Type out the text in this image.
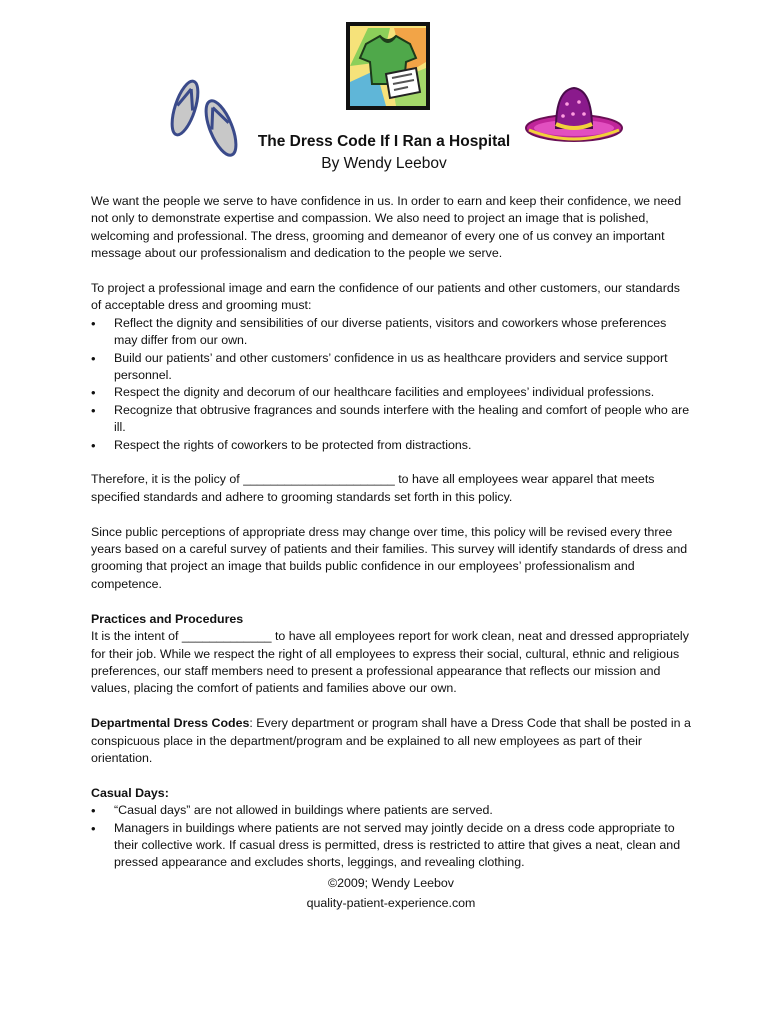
The Dress Code If I Ran a Hospital
By Wendy Leebov

We want the people we serve to have confidence in us. In order to earn and keep their confidence, we need not only to demonstrate expertise and compassion. We also need to project an image that is polished, welcoming and professional. The dress, grooming and demeanor of every one of us convey an important message about our professionalism and dedication to the people we serve.

To project a professional image and earn the confidence of our patients and other customers, our standards of acceptable dress and grooming must:

• Reflect the dignity and sensibilities of our diverse patients, visitors and coworkers whose preferences may differ from our own.
• Build our patients’ and other customers’ confidence in us as healthcare providers and service support personnel.
• Respect the dignity and decorum of our healthcare facilities and employees’ individual professions.
• Recognize that obtrusive fragrances and sounds interfere with the healing and comfort of people who are ill.
• Respect the rights of coworkers to be protected from distractions.

Therefore, it is the policy of ______________________ to have all employees wear apparel that meets specified standards and adhere to grooming standards set forth in this policy.

Since public perceptions of appropriate dress may change over time, this policy will be revised every three years based on a careful survey of patients and their families. This survey will identify standards of dress and grooming that project an image that builds public confidence in our employees’ professionalism and competence.

Practices and Procedures

It is the intent of _____________ to have all employees report for work clean, neat and dressed appropriately for their job. While we respect the right of all employees to express their social, cultural, ethnic and religious preferences, our staff members need to present a professional appearance that reflects our mission and values, placing the comfort of patients and families above our own.

Departmental Dress Codes: Every department or program shall have a Dress Code that shall be posted in a conspicuous place in the department/program and be explained to all new employees as part of their orientation.

Casual Days:
• “Casual days” are not allowed in buildings where patients are served.
• Managers in buildings where patients are not served may jointly decide on a dress code appropriate to their collective work. If casual dress is permitted, dress is restricted to attire that gives a neat, clean and pressed appearance and excludes shorts, leggings, and revealing clothing.
©2009; Wendy Leebov
quality-patient-experience.com
